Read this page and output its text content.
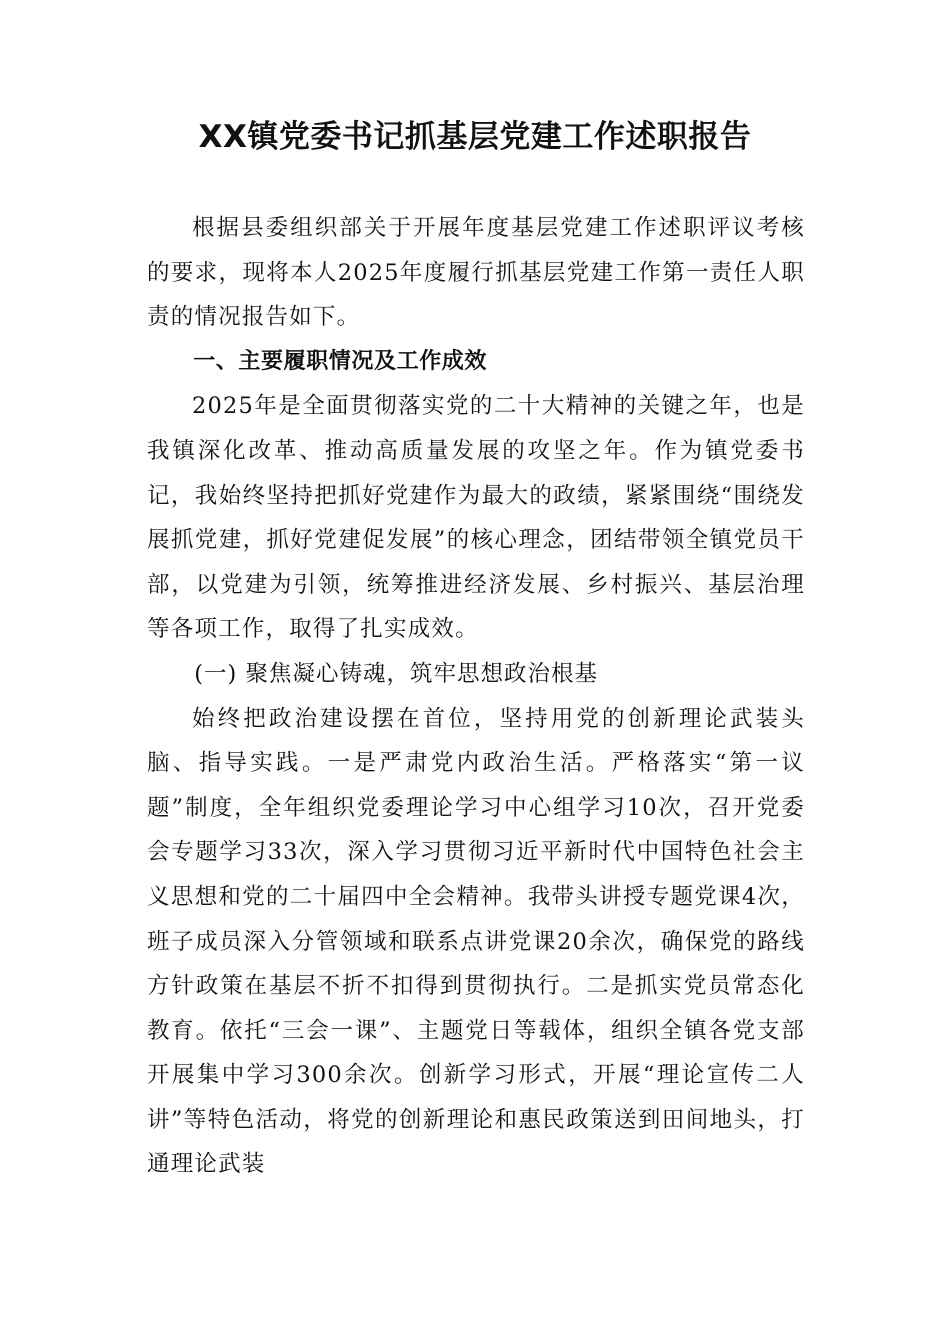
XX镇党委书记抓基层党建工作述职报告

根据县委组织部关于开展年度基层党建工作述职评议考核的要求，现将本人2025年度履行抓基层党建工作第一责任人职责的情况报告如下。

一、主要履职情况及工作成效

2025年是全面贯彻落实党的二十大精神的关键之年，也是我镇深化改革、推动高质量发展的攻坚之年。作为镇党委书记，我始终坚持把抓好党建作为最大的政绩，紧紧围绕“围绕发展抓党建，抓好党建促发展”的核心理念，团结带领全镇党员干部，以党建为引领，统筹推进经济发展、乡村振兴、基层治理等各项工作，取得了扎实成效。

(一) 聚焦凝心铸魂，筑牢思想政治根基

始终把政治建设摆在首位，坚持用党的创新理论武装头脑、指导实践。一是严肃党内政治生活。严格落实“第一议题”制度，全年组织党委理论学习中心组学习10次，召开党委会专题学习33次，深入学习贯彻习近平新时代中国特色社会主义思想和党的二十届四中全会精神。我带头讲授专题党课4次，班子成员深入分管领域和联系点讲党课20余次，确保党的路线方针政策在基层不折不扣得到贯彻执行。二是抓实党员常态化教育。依托“三会一课”、主题党日等载体，组织全镇各党支部开展集中学习300余次。创新学习形式，开展“理论宣传二人讲”等特色活动，将党的创新理论和惠民政策送到田间地头，打通理论武装
